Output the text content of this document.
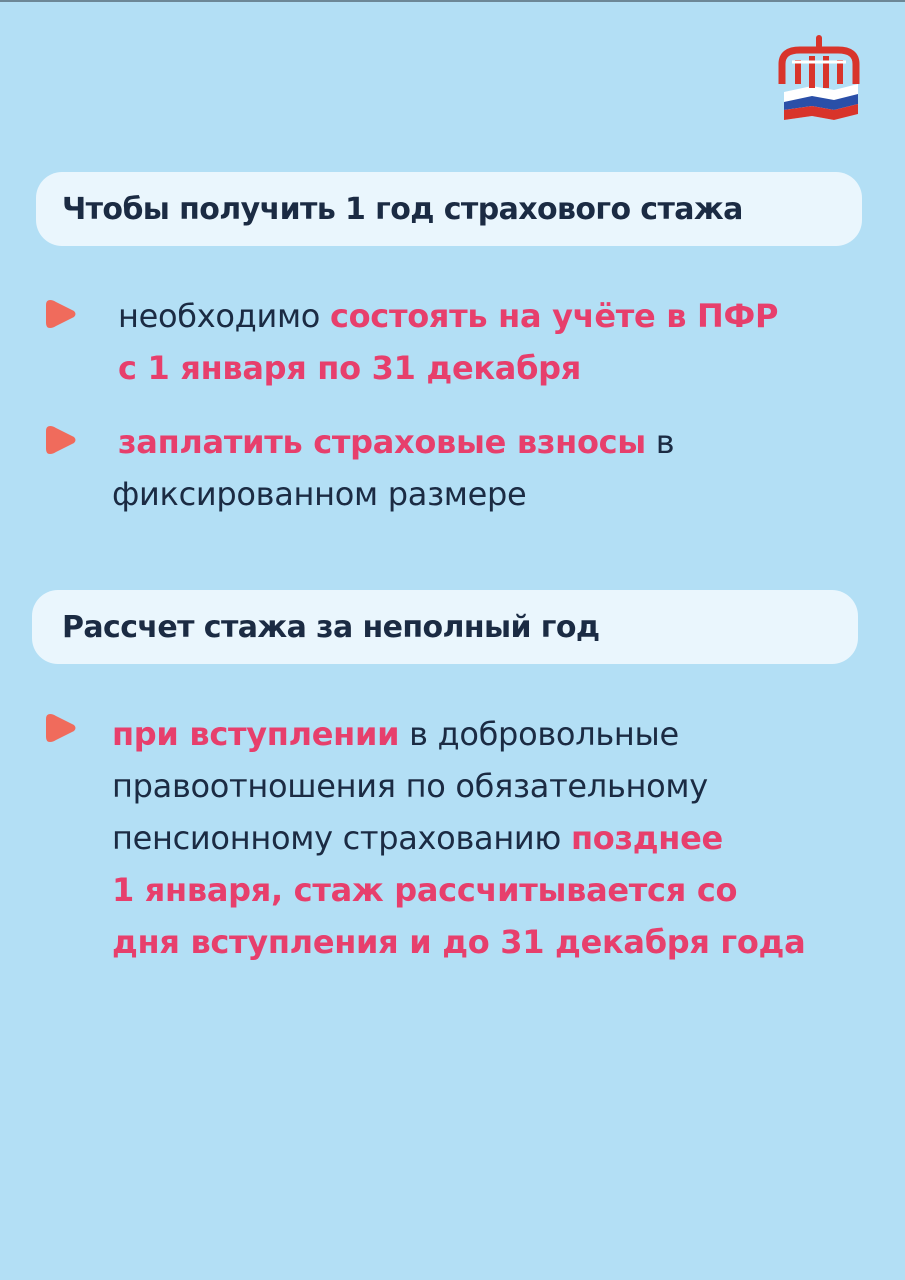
Чтобы получить 1 год страхового стажа
необходимо состоять на учёте в ПФР
с 1 января по 31 декабря
заплатить страховые взносы в
фиксированном размере
Рассчет стажа за неполный год
при вступлении в добровольные
правоотношения по обязательному
пенсионному страхованию позднее
1 января, стаж рассчитывается со
дня вступления и до 31 декабря года
